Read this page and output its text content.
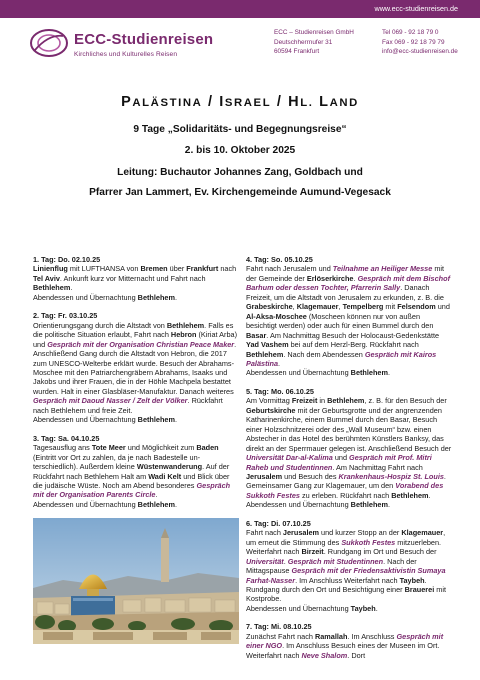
www.ecc-studienreisen.de
ECC-Studienreisen
Kirchliches und Kulturelles Reisen
ECC – Studienreisen GmbH
Deutschherrnufer 31
60594 Frankfurt
Tel 069 - 92 18 79 0
Fax 069 - 92 18 79 79
info@ecc-studienreisen.de
PALÄSTINA / ISRAEL / HL. LAND
9 Tage „Solidaritäts- und Begegnungsreise“
2. bis 10. Oktober 2025
Leitung: Buchautor Johannes Zang, Goldbach und
Pfarrer Jan Lammert, Ev. Kirchengemeinde Aumund-Vegesack

1. Tag: Do. 02.10.25

Linienflug mit LUFTHANSA von Bremen über Frankfurt nach Tel Aviv. Ankunft kurz vor Mitternacht und Fahrt nach Bethlehem.

Abendessen und Übernachtung Bethlehem.

2. Tag: Fr. 03.10.25

Orientierungsgang durch die Altstadt von Bethlehem. Falls es die politische Situation erlaubt, Fahrt nach Hebron (Kiriat Arba) und Gespräch mit der Organisation Christian Peace Maker. Anschließend Gang durch die Altstadt von Hebron, die 2017 zum UNESCO-Welterbe erklärt wurde. Besuch der Abrahams-Moschee mit den Patriarchengräbern Abrahams, Isaaks und Jakobs und ihrer Frauen, die in der Höhle Machpela bestattet wurden. Halt in einer Glasbläser-Manufaktur. Danach weiteres Gespräch mit Daoud Nasser / Zelt der Völker. Rückfahrt nach Bethlehem und freie Zeit.

Abendessen und Übernachtung Bethlehem.

3. Tag: Sa. 04.10.25

Tagesausflug ans Tote Meer und Möglichkeit zum Baden (Eintritt vor Ort zu zahlen, da je nach Badestelle unterschiedlich). Außerdem kleine Wüstenwanderung. Auf der Rückfahrt nach Bethlehem Halt am Wadi Kelt und Blick über die judäische Wüste. Noch am Abend besonderes Gespräch mit der Organisation Parents Circle.

Abendessen und Übernachtung Bethlehem.

4. Tag: So. 05.10.25

Fahrt nach Jerusalem und Teilnahme an Heiliger Messe mit der Gemeinde der Erlöserkirche. Gespräch mit dem Bischof Barhum oder dessen Tochter, Pfarrerin Sally. Danach Freizeit, um die Altstadt von Jerusalem zu erkunden, z. B. die Grabeskirche, Klagemauer, Tempelberg mit Felsendom und Al-Aksa-Moschee (Moscheen können nur von außen besichtigt werden) oder auch für einen Bummel durch den Basar. Am Nachmittag Besuch der Holocaust-Gedenkstätte Yad Vashem bei auf dem Herzl-Berg. Rückfahrt nach Bethlehem. Nach dem Abendessen Gespräch mit Kairos Palästina.

Abendessen und Übernachtung Bethlehem.

5. Tag: Mo. 06.10.25

Am Vormittag Freizeit in Bethlehem, z. B. für den Besuch der Geburtskirche mit der Geburtsgrotte und der angrenzenden Katharinenkirche, einem Bummel durch den Basar, Besuch einer Holzschnitzerei oder des „Wall Museum“ bzw. einen Abstecher in das Hotel des berühmten Künstlers Banksy, das direkt an der Sperrmauer gelegen ist. Anschließend Besuch der Universität Dar-al-Kalima und Gespräch mit Prof. Mitri Raheb und Studentinnen. Am Nachmittag Fahrt nach Jerusalem und Besuch des Krankenhaus-Hospiz St. Louis. Gemeinsamer Gang zur Klagemauer, um den Vorabend des Sukkoth Festes zu erleben. Rückfahrt nach Bethlehem.

Abendessen und Übernachtung Bethlehem.

6. Tag: Di. 07.10.25

Fahrt nach Jerusalem und kurzer Stopp an der Klagemauer, um erneut die Stimmung des Sukkoth Festes mitzuerleben. Weiterfahrt nach Birzeit. Rundgang im Ort und Besuch der Universität. Gespräch mit Studentinnen. Nach der Mittagspause Gespräch mit der Friedensaktivistin Sumaya Farhat-Nasser. Im Anschluss Weiterfahrt nach Taybeh. Rundgang durch den Ort und Besichtigung einer Brauerei mit Kostprobe.

Abendessen und Übernachtung Taybeh.

7. Tag: Mi. 08.10.25

Zunächst Fahrt nach Ramallah. Im Anschluss Gespräch mit einer NGO. Im Anschluss Besuch eines der Museen im Ort. Weiterfahrt nach Neve Shalom. Dort
